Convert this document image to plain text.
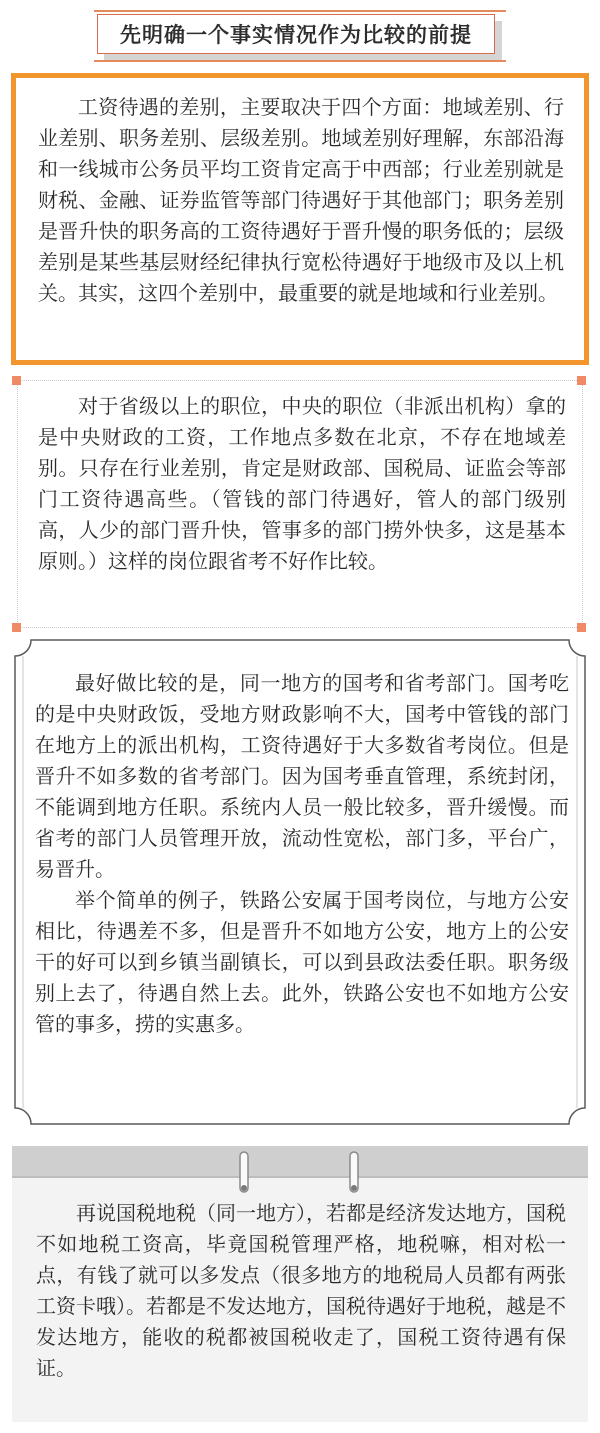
先明确一个事实情况作为比较的前提

工资待遇的差别，主要取决于四个方面：地域差别、行业差别、职务差别、层级差别。地域差别好理解，东部沿海和一线城市公务员平均工资肯定高于中西部；行业差别就是财税、金融、证券监管等部门待遇好于其他部门；职务差别是晋升快的职务高的工资待遇好于晋升慢的职务低的；层级差别是某些基层财经纪律执行宽松待遇好于地级市及以上机关。其实，这四个差别中，最重要的就是地域和行业差别。

对于省级以上的职位，中央的职位（非派出机构）拿的是中央财政的工资，工作地点多数在北京，不存在地域差别。只存在行业差别，肯定是财政部、国税局、证监会等部门工资待遇高些。（管钱的部门待遇好，管人的部门级别高，人少的部门晋升快，管事多的部门捞外快多，这是基本原则。）这样的岗位跟省考不好作比较。

最好做比较的是，同一地方的国考和省考部门。国考吃的是中央财政饭，受地方财政影响不大，国考中管钱的部门在地方上的派出机构，工资待遇好于大多数省考岗位。但是晋升不如多数的省考部门。因为国考垂直管理，系统封闭，不能调到地方任职。系统内人员一般比较多，晋升缓慢。而省考的部门人员管理开放，流动性宽松，部门多，平台广，易晋升。

举个简单的例子，铁路公安属于国考岗位，与地方公安相比，待遇差不多，但是晋升不如地方公安，地方上的公安干的好可以到乡镇当副镇长，可以到县政法委任职。职务级别上去了，待遇自然上去。此外，铁路公安也不如地方公安管的事多，捞的实惠多。

再说国税地税（同一地方），若都是经济发达地方，国税不如地税工资高，毕竟国税管理严格，地税嘛，相对松一点，有钱了就可以多发点（很多地方的地税局人员都有两张工资卡哦）。若都是不发达地方，国税待遇好于地税，越是不发达地方，能收的税都被国税收走了，国税工资待遇有保证。
